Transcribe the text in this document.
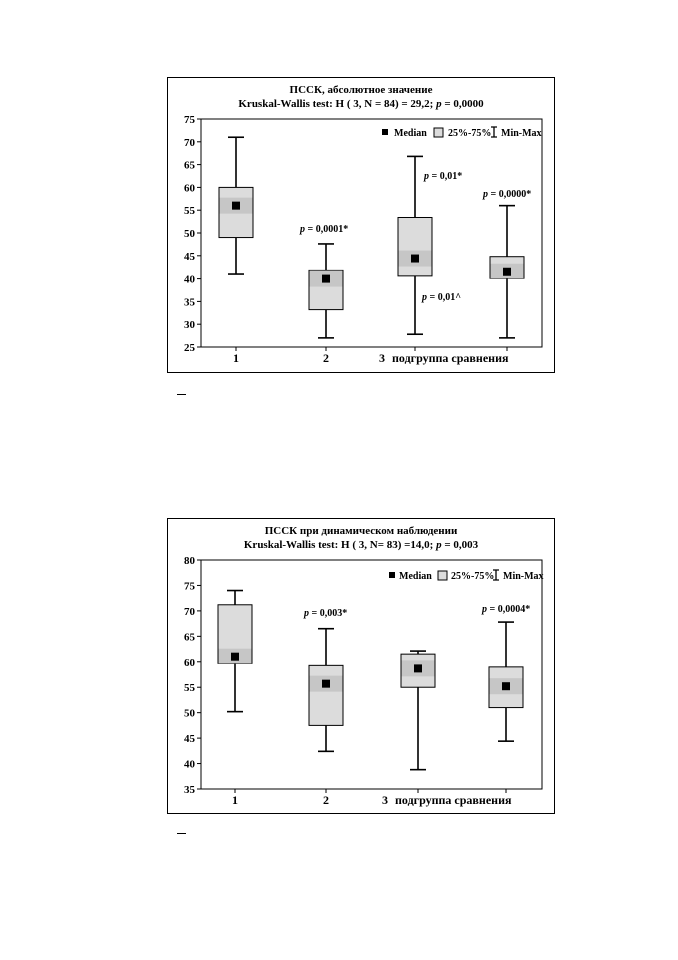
ПССК, абсолютное значение
Kruskal-Wallis test: H ( 3, N = 84) = 29,2; p = 0,0000
Median 25%-75% Min-Max
p = 0,0001*
p = 0,01*
p = 0,01^
p = 0,0000*
25
30
35
40
45
50
55
60
65
70
75
1	2	3 подгруппа сравнения
ПССК при динамическом наблюдении
Kruskal-Wallis test: H ( 3, N= 83) =14,0; p = 0,003
Median 25%-75% Min-Max
p = 0,003*	p = 0,0004*
35
40
45
50
55
60
65
70
75
80
1	2	3 подгруппа сравнения
